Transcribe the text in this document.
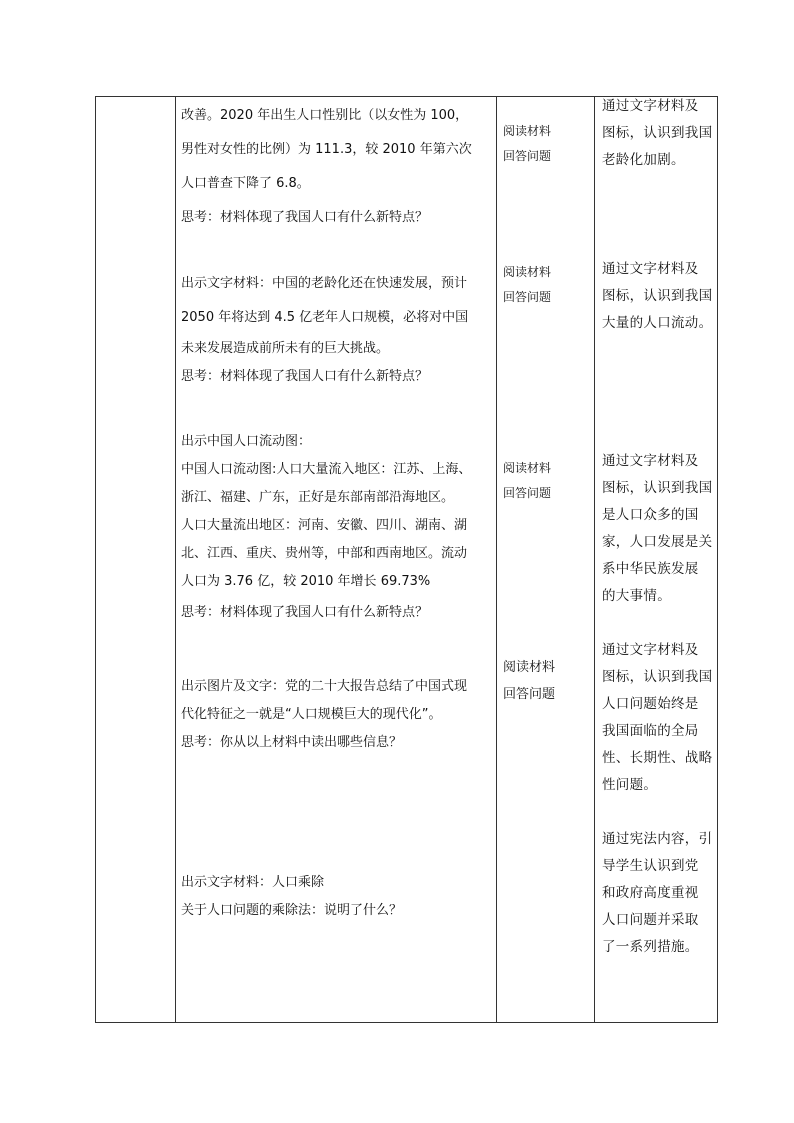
改善。2020 年出生人口性别比（以女性为 100，
男性对女性的比例）为 111.3，较 2010 年第六次
人口普查下降了 6.8。
思考：材料体现了我国人口有什么新特点？
出示文字材料：中国的老龄化还在快速发展，预计
2050 年将达到 4.5 亿老年人口规模，必将对中国
未来发展造成前所未有的巨大挑战。
思考：材料体现了我国人口有什么新特点？
出示中国人口流动图：
中国人口流动图:人口大量流入地区：江苏、上海、
浙江、福建、广东，正好是东部南部沿海地区。
人口大量流出地区：河南、安徽、四川、湖南、湖
北、江西、重庆、贵州等，中部和西南地区。流动
人口为 3.76 亿，较 2010 年增长 69.73%
思考：材料体现了我国人口有什么新特点？
出示图片及文字：党的二十大报告总结了中国式现
代化特征之一就是“人口规模巨大的现代化”。
思考：你从以上材料中读出哪些信息？
出示文字材料：人口乘除
关于人口问题的乘除法：说明了什么？
阅读材料
回答问题
阅读材料
回答问题
阅读材料
回答问题
阅读材料
回答问题
通过文字材料及
图标，认识到我国
老龄化加剧。
通过文字材料及
图标，认识到我国
大量的人口流动。
通过文字材料及
图标，认识到我国
是人口众多的国
家，人口发展是关
系中华民族发展
的大事情。
通过文字材料及
图标，认识到我国
人口问题始终是
我国面临的全局
性、长期性、战略
性问题。
通过宪法内容，引
导学生认识到党
和政府高度重视
人口问题并采取
了一系列措施。
